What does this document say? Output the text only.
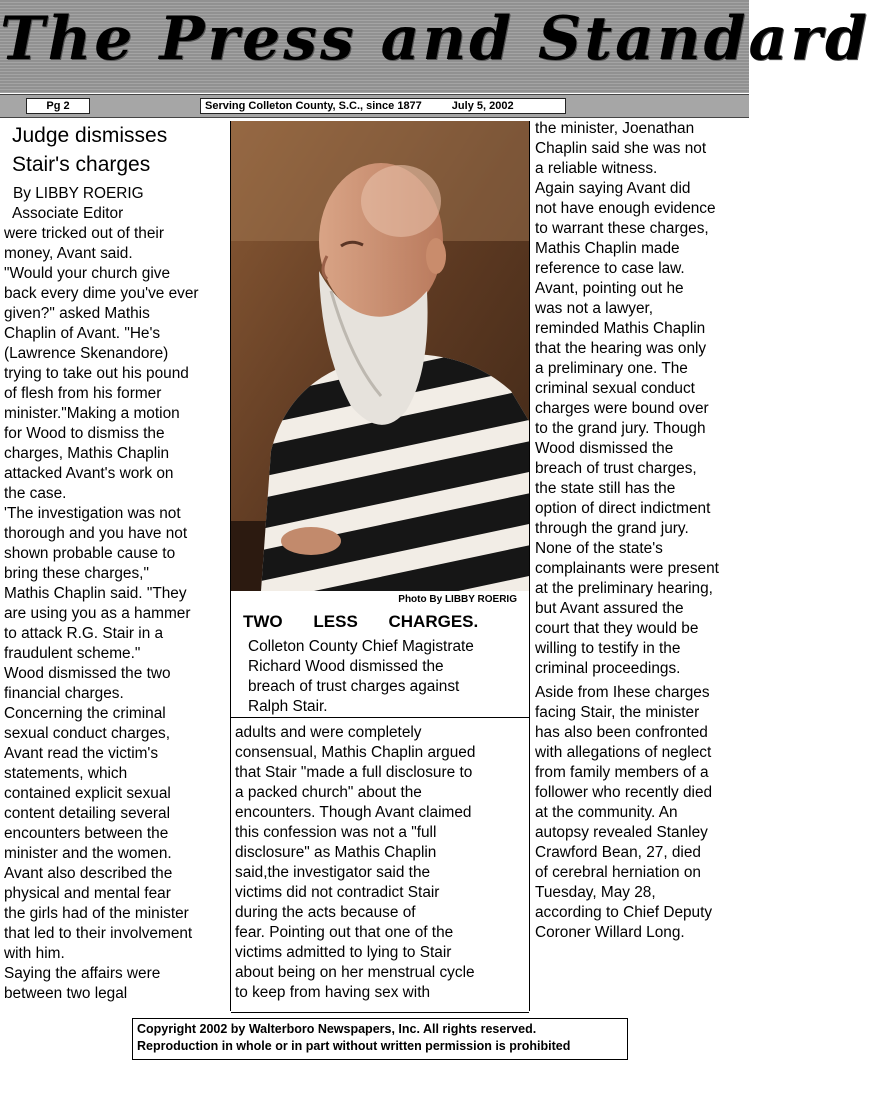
The Press and Standard
Pg 2	Serving Colleton County, S.C., since 1877	July 5, 2002
Judge dismisses Stair's charges

By LIBBY ROERIG

Associate Editor

were tricked out of their

money, Avant said.

"Would your church give

back every dime you've ever

given?" asked Mathis

Chaplin of Avant. "He's

(Lawrence Skenandore)

trying to take out his pound

of flesh from his former

minister."Making a motion

for Wood to dismiss the

charges, Mathis Chaplin

attacked Avant's work on

the case.

'The investigation was not

thorough and you have not

shown probable cause to

bring these charges,"

Mathis Chaplin said. "They

are using you as a hammer

to attack R.G. Stair in a

fraudulent scheme."

Wood dismissed the two

financial charges.

Concerning the criminal

sexual conduct charges,

Avant read the victim's

statements, which

contained explicit sexual

content detailing several

encounters between the

minister and the women.

Avant also described the

physical and mental fear

the girls had of the minister

that led to their involvement

with him.

Saying the affairs were

between two legal

Photo By LIBBY ROERIG
TWO LESS CHARGES.

Colleton County Chief Magistrate

Richard Wood dismissed the

breach of trust charges against

Ralph Stair.

adults and were completely

consensual, Mathis Chaplin argued

that Stair "made a full disclosure to

a packed church" about the

encounters. Though Avant claimed

this confession was not a "full

disclosure" as Mathis Chaplin

said,the investigator said the

victims did not contradict Stair

during the acts because of

fear. Pointing out that one of the

victims admitted to lying to Stair

about being on her menstrual cycle

to keep from having sex with

the minister, Joenathan

Chaplin said she was not

a reliable witness.

Again saying Avant did

not have enough evidence

to warrant these charges,

Mathis Chaplin made

reference to case law.

Avant, pointing out he

was not a lawyer,

reminded Mathis Chaplin

that the hearing was only

a preliminary one. The

criminal sexual conduct

charges were bound over

to the grand jury. Though

Wood dismissed the

breach of trust charges,

the state still has the

option of direct indictment

through the grand jury.

None of the state's

complainants were present

at the preliminary hearing,

but Avant assured the

court that they would be

willing to testify in the

criminal proceedings.

Aside from Ihese charges

facing Stair, the minister

has also been confronted

with allegations of neglect

from family members of a

follower who recently died

at the community. An

autopsy revealed Stanley

Crawford Bean, 27, died

of cerebral herniation on

Tuesday, May 28,

according to Chief Deputy

Coroner Willard Long.

Copyright 2002 by Walterboro Newspapers, Inc. All rights reserved.
Reproduction in whole or in part without written permission is prohibited
